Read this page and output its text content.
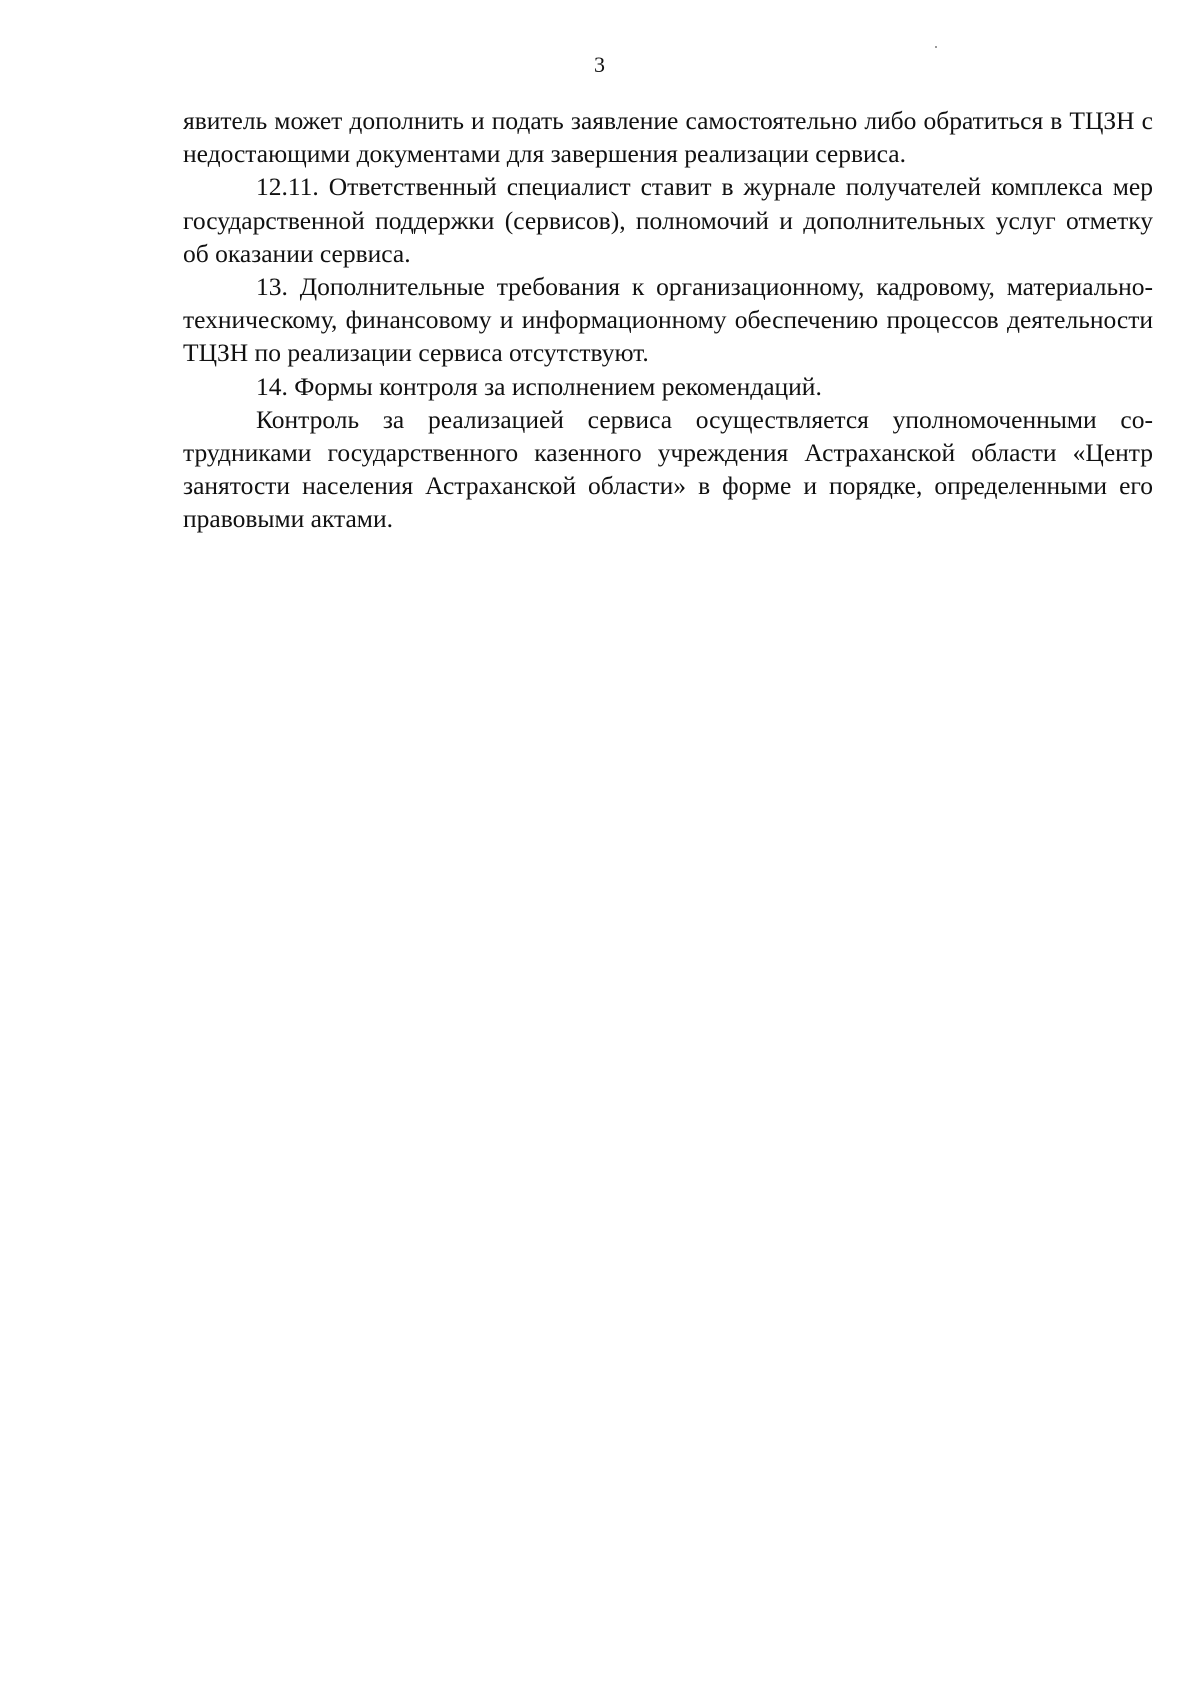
3

явитель может дополнить и подать заявление самостоятельно либо обратиться в ТЦЗН с недостающими документами для завершения реализации сервиса.

12.11. Ответственный специалист ставит в журнале получателей комплекса мер государственной поддержки (сервисов), полномочий и дополнительных услуг отметку об оказании сервиса.

13. Дополнительные требования к организационному, кадровому, материально-техническому, финансовому и информационному обеспечению процессов деятельности ТЦЗН по реализации сервиса отсутствуют.

14. Формы контроля за исполнением рекомендаций.

Контроль за реализацией сервиса осуществляется уполномоченными сотрудниками государственного казенного учреждения Астраханской области «Центр занятости населения Астраханской области» в форме и порядке, определенными его правовыми актами.
